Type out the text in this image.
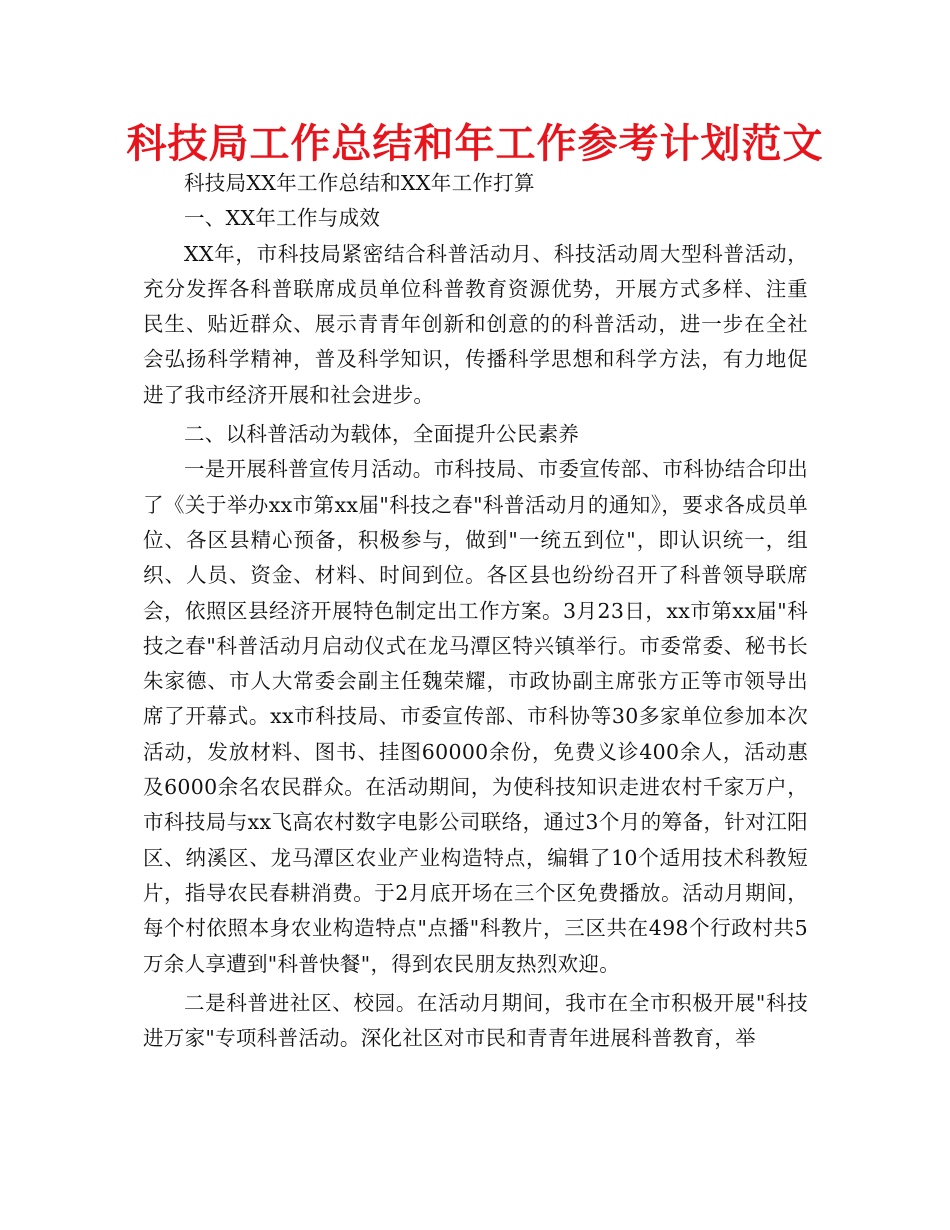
科技局工作总结和年工作参考计划范文

科技局XX年工作总结和XX年工作打算

一、XX年工作与成效

XX年，市科技局紧密结合科普活动月、科技活动周大型科普活动，充分发挥各科普联席成员单位科普教育资源优势，开展方式多样、注重民生、贴近群众、展示青青年创新和创意的的科普活动，进一步在全社会弘扬科学精神，普及科学知识，传播科学思想和科学方法，有力地促进了我市经济开展和社会进步。

二、以科普活动为载体，全面提升公民素养

一是开展科普宣传月活动。市科技局、市委宣传部、市科协结合印出了《关于举办xx市第xx届"科技之春"科普活动月的通知》，要求各成员单位、各区县精心预备，积极参与，做到"一统五到位"，即认识统一，组织、人员、资金、材料、时间到位。各区县也纷纷召开了科普领导联席会，依照区县经济开展特色制定出工作方案。3月23日，xx市第xx届"科技之春"科普活动月启动仪式在龙马潭区特兴镇举行。市委常委、秘书长朱家德、市人大常委会副主任魏荣耀，市政协副主席张方正等市领导出席了开幕式。xx市科技局、市委宣传部、市科协等30多家单位参加本次活动，发放材料、图书、挂图60000余份，免费义诊400余人，活动惠及6000余名农民群众。在活动期间，为使科技知识走进农村千家万户，市科技局与xx飞高农村数字电影公司联络，通过3个月的筹备，针对江阳区、纳溪区、龙马潭区农业产业构造特点，编辑了10个适用技术科教短片，指导农民春耕消费。于2月底开场在三个区免费播放。活动月期间，每个村依照本身农业构造特点"点播"科教片，三区共在498个行政村共5万余人享遭到"科普快餐"，得到农民朋友热烈欢迎。

二是科普进社区、校园。在活动月期间，我市在全市积极开展"科技进万家"专项科普活动。深化社区对市民和青青年进展科普教育，举
